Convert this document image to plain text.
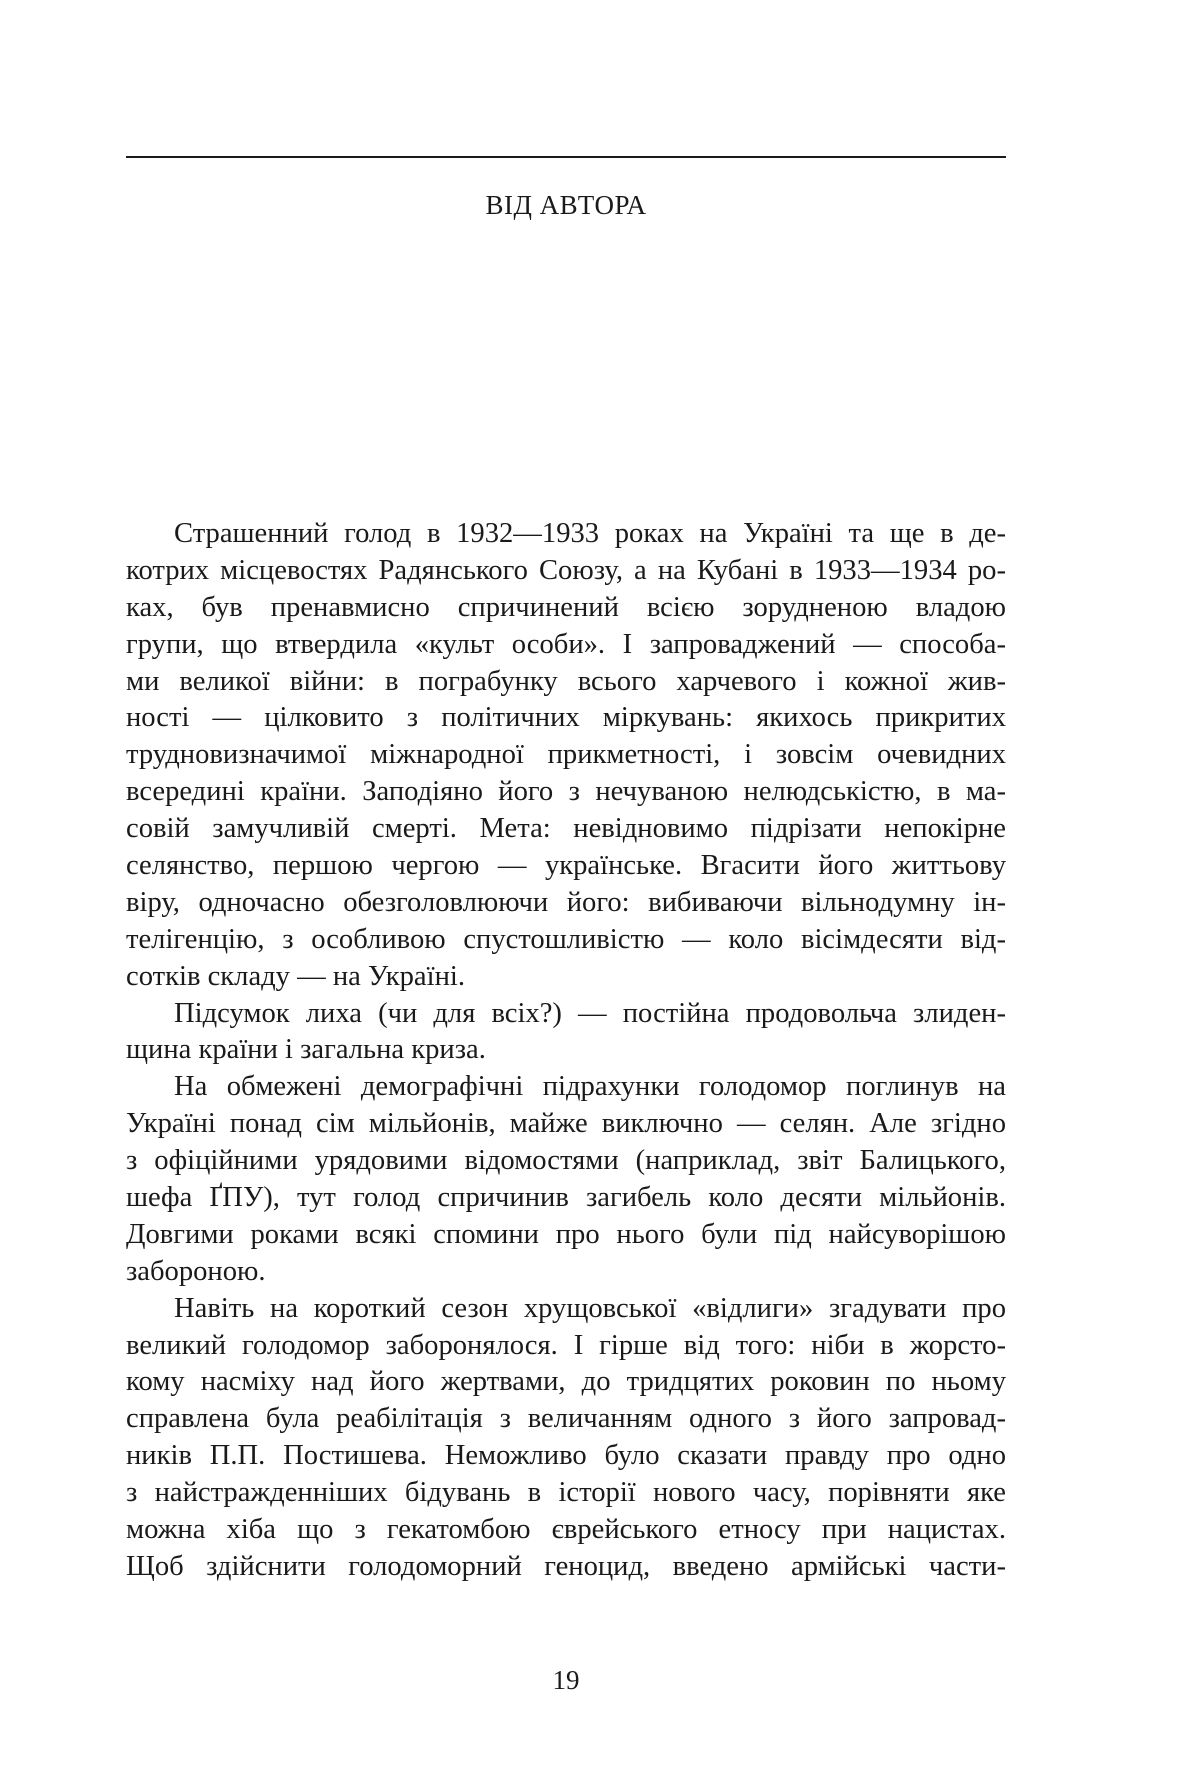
ВІД АВТОРА
Страшенний голод в 1932—1933 роках на Україні та ще в де-
котрих місцевостях Радянського Союзу, а на Кубані в 1933—1934 ро-
ках, був пренавмисно спричинений всією зорудненою владою
групи, що втвердила «культ особи». І запроваджений — способа-
ми великої війни: в пограбунку всього харчевого і кожної жив-
ності — цілковито з політичних міркувань: якихось прикритих
трудновизначимої міжнародної прикметності, і зовсім очевидних
всередині країни. Заподіяно його з нечуваною нелюдськістю, в ма-
совій замучливій смерті. Мета: невідновимо підрізати непокірне
селянство, першою чергою — українське. Вгасити його життьову
віру, одночасно обезголовлюючи його: вибиваючи вільнодумну ін-
телігенцію, з особливою спустошливістю — коло вісімдесяти від-
сотків складу — на Україні.
Підсумок лиха (чи для всіх?) — постійна продовольча злиден-
щина країни і загальна криза.
На обмежені демографічні підрахунки голодомор поглинув на
Україні понад сім мільйонів, майже виключно — селян. Але згідно
з офіційними урядовими відомостями (наприклад, звіт Балицького,
шефа ҐПУ), тут голод спричинив загибель коло десяти мільйонів.
Довгими роками всякі спомини про нього були під найсуворішою
забороною.
Навіть на короткий сезон хрущовської «відлиги» згадувати про
великий голодомор заборонялося. І гірше від того: ніби в жорсто-
кому насміху над його жертвами, до тридцятих роковин по ньому
справлена була реабілітація з величанням одного з його запровад-
ників П.П. Постишева. Неможливо було сказати правду про одно
з найстражденніших бідувань в історії нового часу, порівняти яке
можна хіба що з гекатомбою єврейського етносу при нацистах.
Щоб здійснити голодоморний геноцид, введено армійські части-
19
